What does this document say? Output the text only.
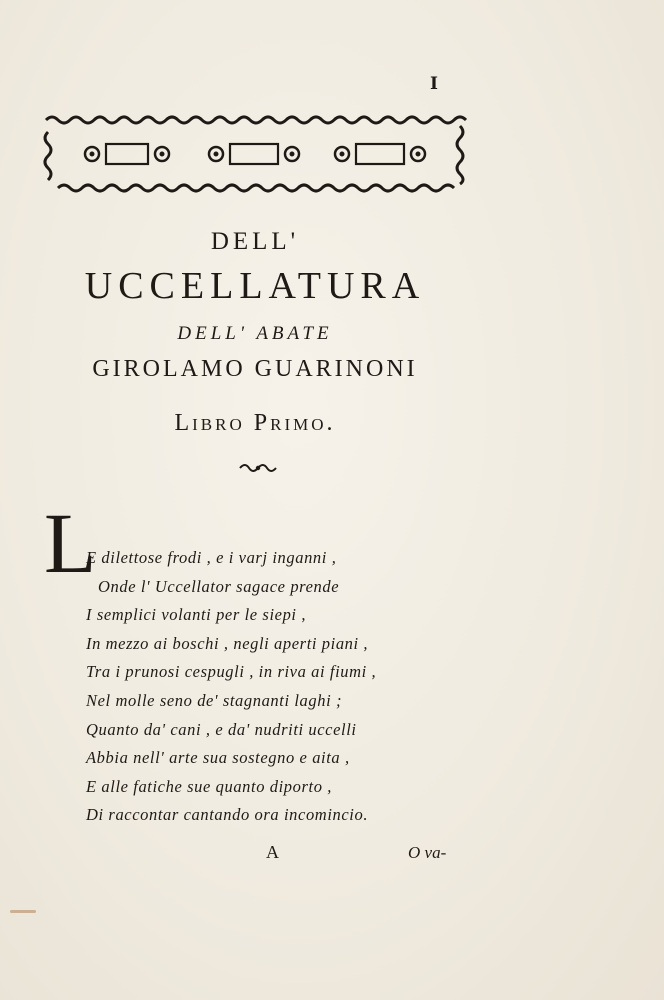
I
DELL'
UCCELLATURA
DELL' ABATE
GIROLAMO GUARINONI
Libro Primo.
L
E dilettose frodi , e i varj inganni ,
Onde l' Uccellator sagace prende
I semplici volanti per le siepi ,
In mezzo ai boschi , negli aperti piani ,
Tra i prunosi cespugli , in riva ai fiumi ,
Nel molle seno de' stagnanti laghi ;
Quanto da' cani , e da' nudriti uccelli
Abbia nell' arte sua sostegno e aita ,
E alle fatiche sue quanto diporto ,
Di raccontar cantando ora incomincio.
A	O va-
